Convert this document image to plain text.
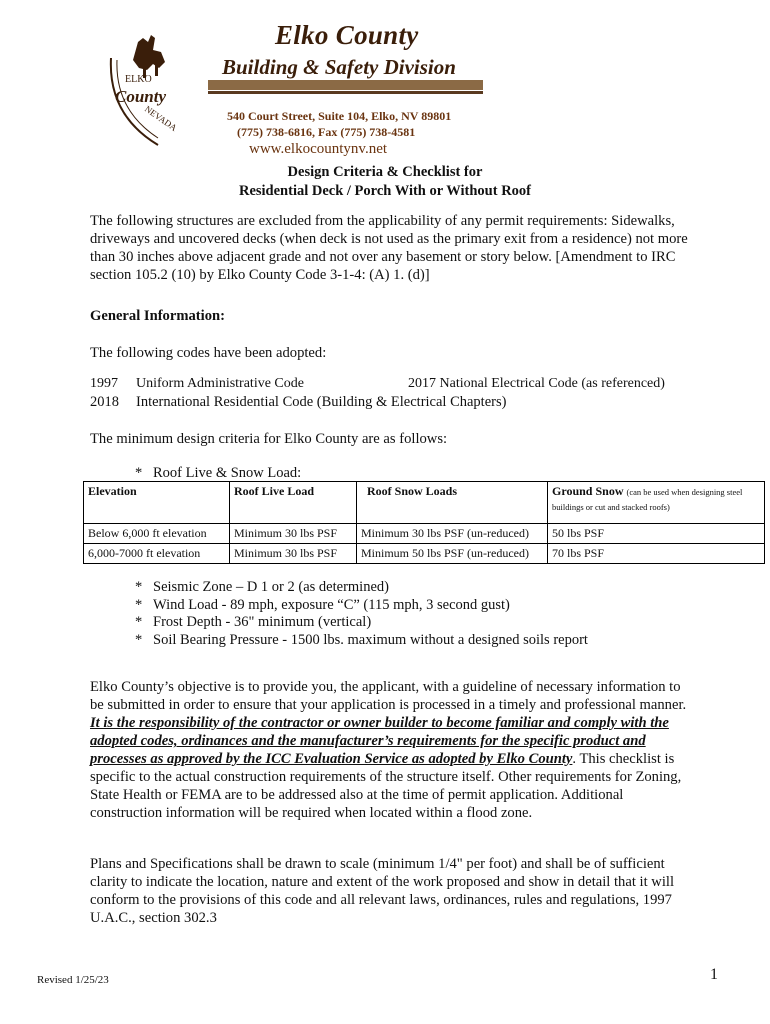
ELKO
County
NEVADA
Elko County
Building & Safety Division
540 Court Street, Suite 104, Elko, NV 89801
(775) 738-6816, Fax (775) 738-4581
www.elkocountynv.net
Design Criteria & Checklist for
Residential Deck / Porch With or Without Roof

The following structures are excluded from the applicability of any permit requirements: Sidewalks, driveways and uncovered decks (when deck is not used as the primary exit from a residence) not more than 30 inches above adjacent grade and not over any basement or story below. [Amendment to IRC section 105.2 (10) by Elko County Code 3-1-4: (A) 1. (d)]

General Information:

The following codes have been adopted:

1997 Uniform Administrative Code	2017 National Electrical Code (as referenced)
2018 International Residential Code (Building & Electrical Chapters)

The minimum design criteria for Elko County are as follows:

* Roof Live & Snow Load:
Elevation	Roof Live Load	Roof Snow Loads	Ground Snow (can be used when designing steel buildings or cut and stacked roofs)
Below 6,000 ft elevation	Minimum 30 lbs PSF	Minimum 30 lbs PSF (un-reduced)	50 lbs PSF
6,000-7000 ft elevation	Minimum 30 lbs PSF	Minimum 50 lbs PSF (un-reduced)	70 lbs PSF
* Seismic Zone – D 1 or 2 (as determined)
* Wind Load - 89 mph, exposure “C” (115 mph, 3 second gust)
* Frost Depth - 36" minimum (vertical)
* Soil Bearing Pressure - 1500 lbs. maximum without a designed soils report

Elko County’s objective is to provide you, the applicant, with a guideline of necessary information to be submitted in order to ensure that your application is processed in a timely and professional manner. It is the responsibility of the contractor or owner builder to become familiar and comply with the adopted codes, ordinances and the manufacturer’s requirements for the specific product and processes as approved by the ICC Evaluation Service as adopted by Elko County. This checklist is specific to the actual construction requirements of the structure itself. Other requirements for Zoning, State Health or FEMA are to be addressed also at the time of permit application. Additional construction information will be required when located within a flood zone.

Plans and Specifications shall be drawn to scale (minimum 1/4" per foot) and shall be of sufficient clarity to indicate the location, nature and extent of the work proposed and show in detail that it will conform to the provisions of this code and all relevant laws, ordinances, rules and regulations, 1997 U.A.C., section 302.3

Revised 1/25/23	1
